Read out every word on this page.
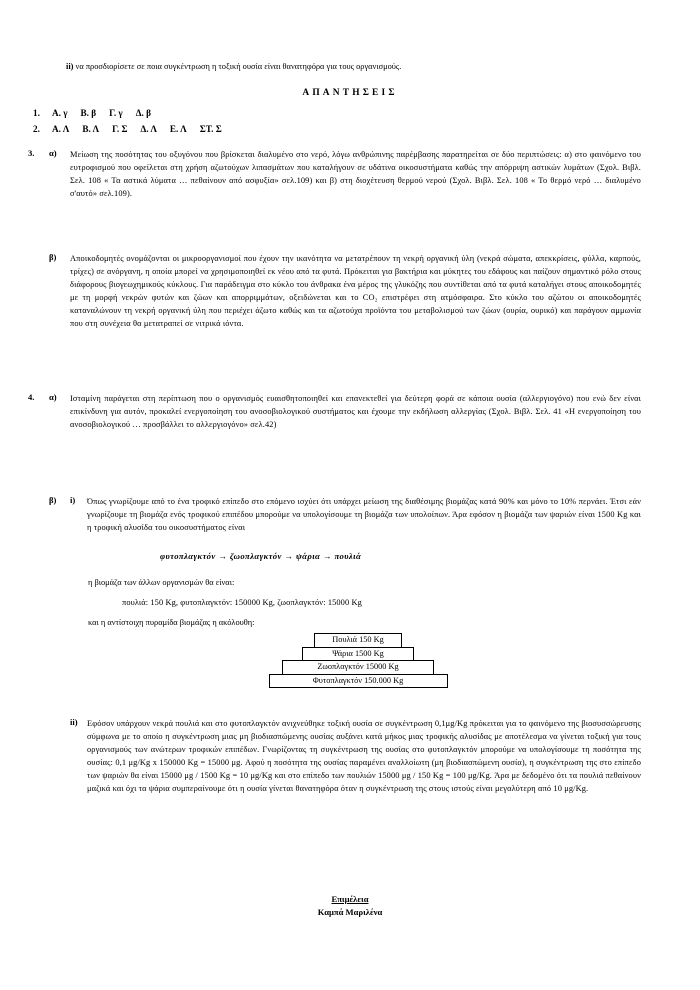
ii) να προσδιορίσετε σε ποια συγκέντρωση η τοξική ουσία είναι θανατηφόρα για τους οργανισμούς.
ΑΠΑΝΤΗΣΕΙΣ
1. Α. γ Β. β Γ. γ Δ. β
2. Α. Λ Β. Λ Γ. Σ Δ. Λ Ε. Λ ΣΤ. Σ
3.	α)	Μείωση της ποσότητας του οξυγόνου που βρίσκεται διαλυμένο στο νερό, λόγω ανθρώπινης παρέμβασης παρατηρείται σε δύο περιπτώσεις: α) στο φαινόμενο του ευτροφισμού που οφείλεται στη χρήση αζωτούχων λιπασμάτων που καταλήγουν σε υδάτινα οικοσυστήματα καθώς την απόρριψη αστικών λυμάτων (Σχολ. Βιβλ. Σελ. 108 « Τα αστικά λύματα … πεθαίνουν από ασφυξία» σελ.109) και β) στη διοχέτευση θερμού νερού (Σχολ. Βιβλ. Σελ. 108 « Το θερμό νερό … διαλυμένο σ'αυτό» σελ.109).
β)	Αποικοδομητές ονομάζονται οι μικροοργανισμοί που έχουν την ικανότητα να μετατρέπουν τη νεκρή οργανική ύλη (νεκρά σώματα, απεκκρίσεις, φύλλα, καρπούς, τρίχες) σε ανόργανη, η οποία μπορεί να χρησιμοποιηθεί εκ νέου από τα φυτά. Πρόκειται για βακτήρια και μύκητες του εδάφους και παίζουν σημαντικό ρόλο στους διάφορους βιογεωχημικούς κύκλους. Για παράδειγμα στο κύκλο του άνθρακα ένα μέρος της γλυκόζης που συντίθεται από τα φυτά καταλήγει στους αποικοδομητές με τη μορφή νεκρών φυτών και ζώων και απορριμμάτων, οξειδώνεται και το CO₂ επιστρέφει στη ατμόσφαιρα. Στο κύκλο του αζώτου οι αποικοδομητές καταναλώνουν τη νεκρή οργανική ύλη που περιέχει άζωτο καθώς και τα αζωτούχα προϊόντα του μεταβολισμού των ζώων (ουρία, ουρικό) και παράγουν αμμωνία που στη συνέχεια θα μετατραπεί σε νιτρικά ιόντα.
4.	α)	Ισταμίνη παράγεται στη περίπτωση που ο οργανισμός ευαισθητοποιηθεί και επανεκτεθεί για δεύτερη φορά σε κάποια ουσία (αλλεργιογόνο) που ενώ δεν είναι επικίνδυνη για αυτόν, προκαλεί ενεργοποίηση του ανοσοβιολογικού συστήματος και έχουμε την εκδήλωση αλλεργίας (Σχολ. Βιβλ. Σελ. 41 «Η ενεργοποίηση του ανοσοβιολογικού … προσβάλλει το αλλεργιογόνο» σελ.42)
β)	i)	Όπως γνωρίζουμε από το ένα τροφικό επίπεδο στο επόμενο ισχύει ότι υπάρχει μείωση της διαθέσιμης βιομάζας κατά 90% και μόνο το 10% περνάει. Έτσι εάν γνωρίζουμε τη βιομάζα ενός τροφικού επιπέδου μπορούμε να υπολογίσουμε τη βιομάζα των υπολοίπων. Άρα εφόσον η βιομάζα των ψαριών είναι 1500 Kg και η τροφική αλυσίδα του οικοσυστήματος είναι
φυτοπλαγκτόν → ζωοπλαγκτόν → ψάρια → πουλιά
η βιομάζα των άλλων οργανισμών θα είναι:
πουλιά: 150 Kg, φυτοπλαγκτόν: 150000 Kg, ζωοπλαγκτόν: 15000 Kg
και η αντίστοιχη πυραμίδα βιομάζας η ακόλουθη:
Πουλιά 150 Kg
Ψάρια 1500 Kg
Ζωοπλαγκτόν 15000 Kg
Φυτοπλαγκτόν 150.000 Kg
ii)	Εφόσον υπάρχουν νεκρά πουλιά και στο φυτοπλαγκτόν ανιχνεύθηκε τοξική ουσία σε συγκέντρωση 0,1μg/Kg πρόκειται για το φαινόμενο της βιοσυσσώρευσης σύμφωνα με το οποίο η συγκέντρωση μιας μη βιοδιασπώμενης ουσίας αυξάνει κατά μήκος μιας τροφικής αλυσίδας με αποτέλεσμα να γίνεται τοξική για τους οργανισμούς των ανώτερων τροφικών επιπέδων. Γνωρίζοντας τη συγκέντρωση της ουσίας στο φυτοπλαγκτόν μπορούμε να υπολογίσουμε τη ποσότητα της ουσίας: 0,1 μg/Kg x 150000 Kg = 15000 μg. Αφού η ποσότητα της ουσίας παραμένει αναλλοίωτη (μη βιοδιασπώμενη ουσία), η συγκέντρωση της στο επίπεδο των ψαριών θα είναι 15000 μg / 1500 Kg = 10 μg/Kg και στο επίπεδο των πουλιών 15000 μg / 150 Kg = 100 μg/Kg. Άρα με δεδομένο ότι τα πουλιά πεθαίνουν μαζικά και όχι τα ψάρια συμπεραίνουμε ότι η ουσία γίνεται θανατηφόρα όταν η συγκέντρωση της στους ιστούς είναι μεγαλύτερη από 10 μg/Kg.
Επιμέλεια
Καμπά Μαριλένα
